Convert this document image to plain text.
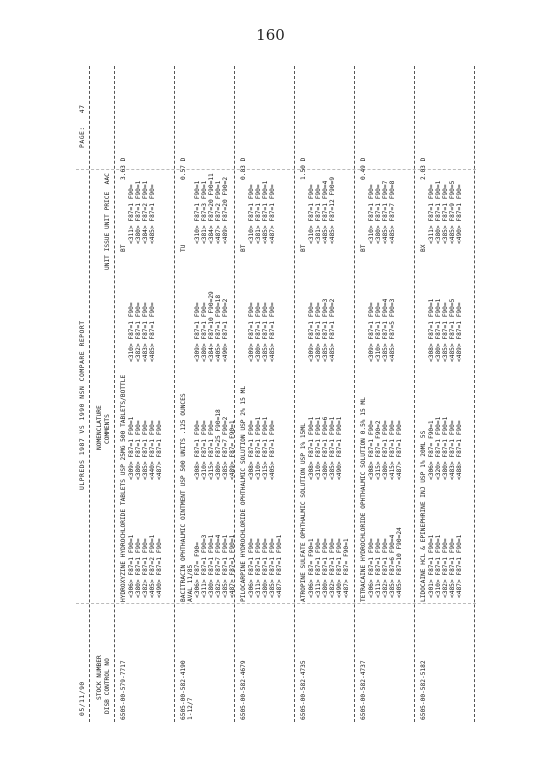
160
05/11/90
ULPREDS 1987 VS 1990 NSN COMPARE REPORT
PAGE:   47
STOCK NUMBER DISB CONTROL NO
NOMENCLATURE COMMENTS
UNIT ISSUE UNIT PRICE  AAC
6505-00-579-7717
HYDROXYZINE HYDROCHLORIDE TABLETS USP 25MG 500 TABLETS/BOTTLE
BT
3.63 D
<306> F87=1 F90=1 <380> F87=1 F90= <382> F87=1 F90= <405> F87=2 F90=1 <490> F87=1 F90=
<309> F87=1 F90=1 <380> F87=1 F90= <385> F87=1 F90= <440> F87=1 F90= <487> F87=1 F90=
<310> F87=1 F90= <382> F87=1 F90= <483> F87=1 F90= <485> F87=1 F90=
<311> F87=1 F90= <380> F87=1 F90=1 <384> F87=2 F90=1 <485> F87=1 F90=
6505-00-582-4190 1-12/7
BACITRACIN OPHTHALMIC OINTMENT USP 500 UNITS .125 OUNCES AVAL 11/85
TU
0.57 D
<306> F87= F90= <311> F87=1 F90=3 <380> F87=1 F90=1 <382> F87=7 F90=4 <385> F87=1 F90=1 <487> F87=1 F90=1
<308> F87=1 F90= <310> F87=1 F90= <315> F87=1 F90= <380> F87=25 F90=18 <385> F87=7 F90=2 <489> F87= F90=1
<309> F87=1 F90= <380> F87=1 F90= <384> F87=10 F90=29 <405> F87=1 F90=18 <490> F87=1 F90=2
<310> F87=1 F90=1 <381> F87=3 F90=1 <384> F87=20 F90=11 <487> F87=2 F90=1 <489> F87=20 F90=2
6505-00-582-4679
PILOCARPINE HYDROCHLORIDE OPHTHALMIC SOLUTION USP 2% 15 ML
BT
0.83 D
<306> F87=1 F90= <311> F87=1 F90= <380> F87=1 F90= <385> F87=1 F90= <487> F87=1 F90=1
<308> F87=1 F90= <310> F87=1 F90=1 <315> F87=1 F90=1 <405> F87=1 F90=
<309> F87=1 F90= <380> F87=1 F90= <385> F87=1 F90= <485> F87=1 F90=
<310> F87=1 F90= <381> F87=1 F90= <485> F87=1 F90=1 <487> F87=1 F90=
6505-00-582-4735
ATROPINE SULFATE OPHTHALMIC SOLUTION USP 1% 15ML
BT
1.50 D
<306> F87= F90=1 <311> F87=1 F90= <380> F87=1 F90= <382> F87=1 F90= <490> F87=1 F90= <487> F87= F90=1
<308> F87=1 F90=1 <310> F87=1 F90=1 <380> F87=1 F90=6 <385> F87=1 F90=1 <490> F87=1 F90=1
<309> F87=1 F90= <380> F87=1 F90= <385> F87=1 F90=3 <485> F87=1 F90=2
<310> F87=1 F90= <381> F87=1 F90= <485> F87=1 F90=4 <485> F87=12 F90=9
6505-00-582-4737
TETRACAINE HYDROCHLORIDE OPHTHALMIC SOLUTION 0.5% 15 ML
BT
0.49 D
<306> F87=1 F90= <311> F87=1 F90= <382> F87=1 F90= <385> F87=6 F90=4 <405> F87=10 F90=24
<308> F87=1 F90= <315> F87= F90=2 <380> F87=1 F90= <415> F87=1 F90= <487> F87=1 F90=
<309> F87=1 F90= <310> F87=1 F90= <385> F87=1 F90=4 <485> F87=5 F90=3
<310> F87=1 F90= <380> F87=1 F90= <485> F87=1 F90=7 <485> F87=7 F90=8
6505-00-582-5182
LIDOCAINE HCL & EPINEPHRINE INJ USP 1% 20ML 5S
BX
2.03 D
<301> F87=1 F90=1 <310> F87=1 F90=1 <382> F87=1 F90= <485> F87=1 F90= <487> F87=1 F90=1
<306> F87= F90=1 <320> F87=1 F90=1 <380> F87=1 F90=1 <483> F87=1 F90= <488> F87=1 F90=
<308> F87=1 F90=1 <380> F87=1 F90=1 <385> F87=1 F90= <485> F87=1 F90=5 <489> F87=1 F90=
<311> F87=1 F90= <380> F87=1 F90=1 <385> F87=1 F90= <485> F87=9 F90=5 <490> F87=1 F90=
